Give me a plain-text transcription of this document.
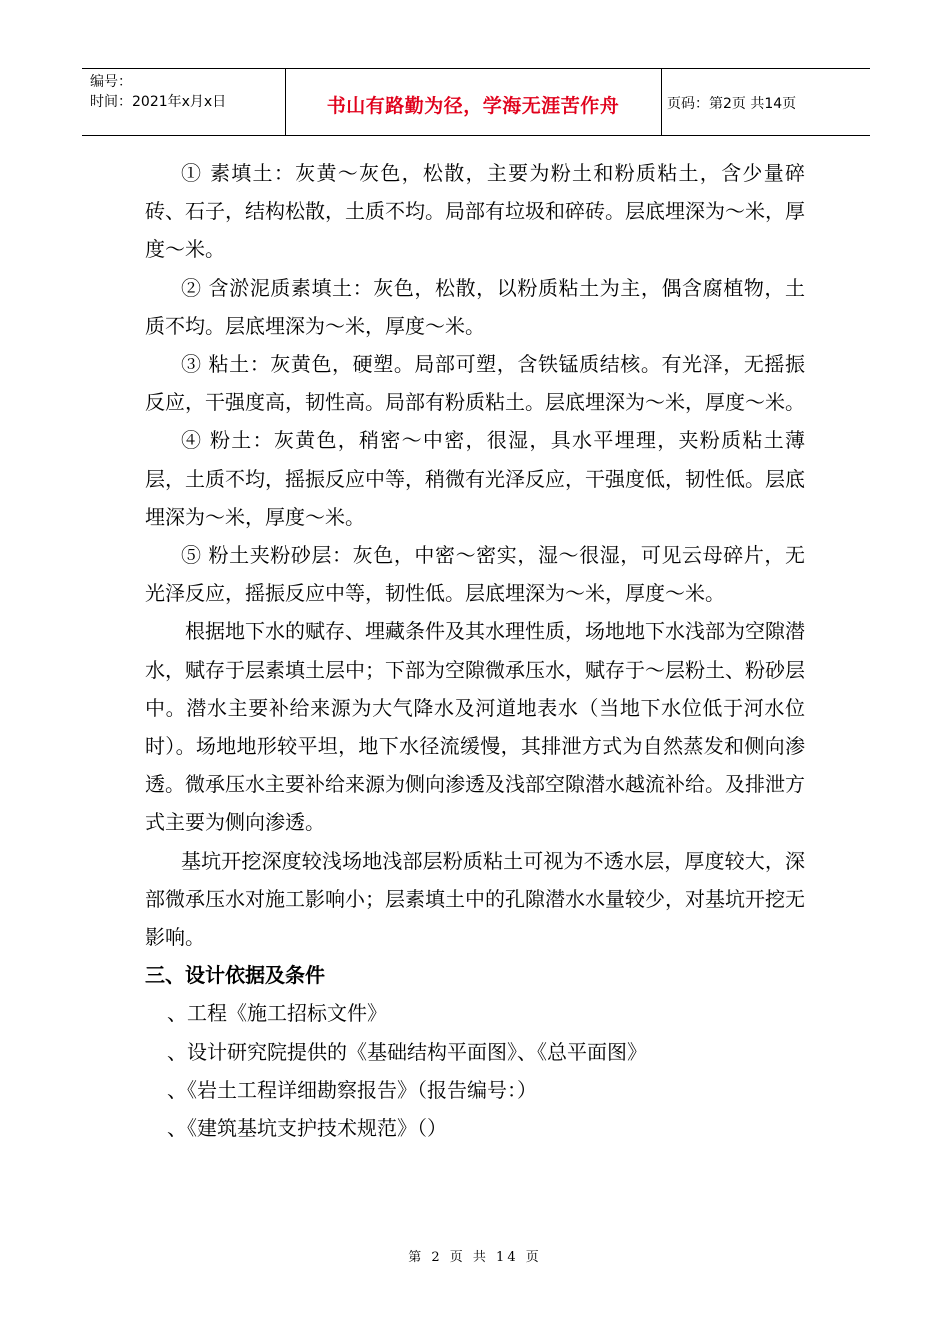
编号：
时间：2021年x月x日	书山有路勤为径，学海无涯苦作舟	页码：第2页 共14页

① 素填土：灰黄～灰色，松散，主要为粉土和粉质粘土，含少量碎砖、石子，结构松散，土质不均。局部有垃圾和碎砖。层底埋深为～米，厚度～米。

② 含淤泥质素填土：灰色，松散，以粉质粘土为主，偶含腐植物，土质不均。层底埋深为～米，厚度～米。

③ 粘土：灰黄色，硬塑。局部可塑，含铁锰质结核。有光泽，无摇振反应，干强度高，韧性高。局部有粉质粘土。层底埋深为～米，厚度～米。

④ 粉土：灰黄色，稍密～中密，很湿，具水平埋理，夹粉质粘土薄层，土质不均，摇振反应中等，稍微有光泽反应，干强度低，韧性低。层底埋深为～米，厚度～米。

⑤ 粉土夹粉砂层：灰色，中密～密实，湿～很湿，可见云母碎片，无光泽反应，摇振反应中等，韧性低。层底埋深为～米，厚度～米。

根据地下水的赋存、埋藏条件及其水理性质，场地地下水浅部为空隙潜水，赋存于层素填土层中；下部为空隙微承压水，赋存于～层粉土、粉砂层中。潜水主要补给来源为大气降水及河道地表水（当地下水位低于河水位时）。场地地形较平坦，地下水径流缓慢，其排泄方式为自然蒸发和侧向渗透。微承压水主要补给来源为侧向渗透及浅部空隙潜水越流补给。及排泄方式主要为侧向渗透。

基坑开挖深度较浅场地浅部层粉质粘土可视为不透水层，厚度较大，深部微承压水对施工影响小；层素填土中的孔隙潜水水量较少，对基坑开挖无影响。

三、设计依据及条件

、工程《施工招标文件》

、设计研究院提供的《基础结构平面图》、《总平面图》

、《岩土工程详细勘察报告》（报告编号：）

、《建筑基坑支护技术规范》（）

第 2 页 共 14 页
